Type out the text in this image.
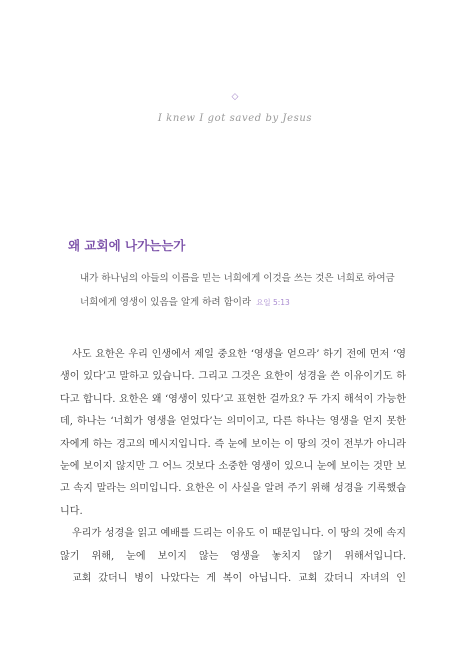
◇
I knew I got saved by Jesus
왜 교회에 나가는는가
내가 하나님의 아들의 이름을 믿는 너희에게 이것을 쓰는 것은 너희로 하여금 너희에게 영생이 있음을 알게 하려 함이라 요일 5:13

사도 요한은 우리 인생에서 제일 중요한 ‘영생을 얻으라’ 하기 전에 먼저 ‘영생이 있다’고 말하고 있습니다. 그리고 그것은 요한이 성경을 쓴 이유이기도 하다고 합니다. 요한은 왜 ‘영생이 있다’고 표현한 걸까요? 두 가지 해석이 가능한데, 하나는 ‘너희가 영생을 얻었다’는 의미이고, 다른 하나는 영생을 얻지 못한 자에게 하는 경고의 메시지입니다. 즉 눈에 보이는 이 땅의 것이 전부가 아니라 눈에 보이지 않지만 그 어느 것보다 소중한 영생이 있으니 눈에 보이는 것만 보고 속지 말라는 의미입니다. 요한은 이 사실을 알려 주기 위해 성경을 기록했습니다.

우리가 성경을 읽고 예배를 드리는 이유도 이 때문입니다. 이 땅의 것에 속지 않기 위해, 눈에 보이지 않는 영생을 놓치지 않기 위해서입니다.

교회 갔더니 병이 나았다는 게 복이 아닙니다. 교회 갔더니 자녀의 인
